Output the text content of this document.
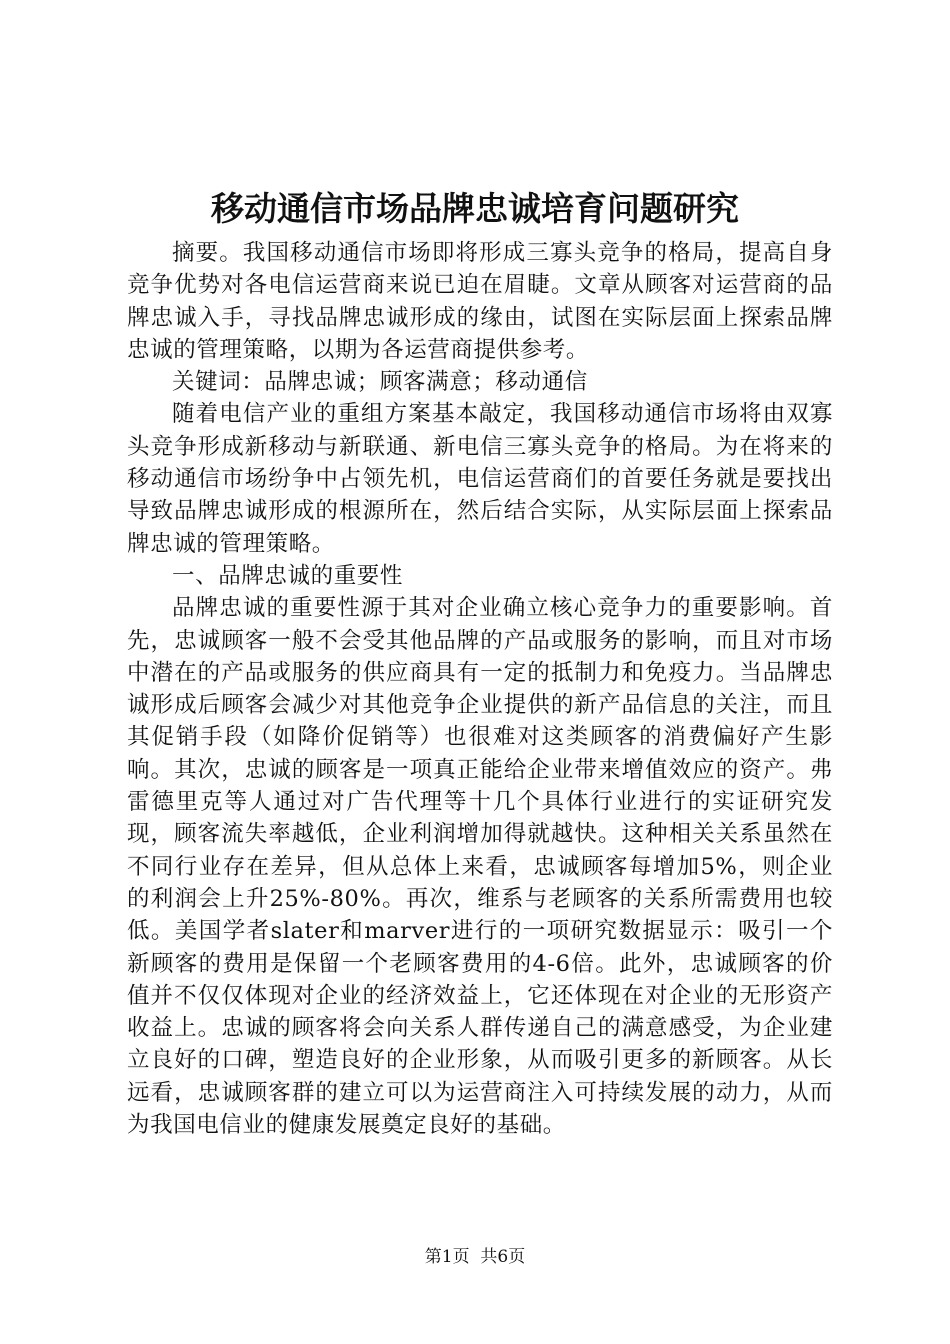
移动通信市场品牌忠诚培育问题研究

摘要。我国移动通信市场即将形成三寡头竞争的格局，提高自身竞争优势对各电信运营商来说已迫在眉睫。文章从顾客对运营商的品牌忠诚入手，寻找品牌忠诚形成的缘由，试图在实际层面上探索品牌忠诚的管理策略，以期为各运营商提供参考。

关键词：品牌忠诚；顾客满意；移动通信

随着电信产业的重组方案基本敲定，我国移动通信市场将由双寡头竞争形成新移动与新联通、新电信三寡头竞争的格局。为在将来的移动通信市场纷争中占领先机，电信运营商们的首要任务就是要找出导致品牌忠诚形成的根源所在，然后结合实际，从实际层面上探索品牌忠诚的管理策略。

一、品牌忠诚的重要性

品牌忠诚的重要性源于其对企业确立核心竞争力的重要影响。首先，忠诚顾客一般不会受其他品牌的产品或服务的影响，而且对市场中潜在的产品或服务的供应商具有一定的抵制力和免疫力。当品牌忠诚形成后顾客会减少对其他竞争企业提供的新产品信息的关注，而且其促销手段（如降价促销等）也很难对这类顾客的消费偏好产生影响。其次，忠诚的顾客是一项真正能给企业带来增值效应的资产。弗雷德里克等人通过对广告代理等十几个具体行业进行的实证研究发现，顾客流失率越低，企业利润增加得就越快。这种相关关系虽然在不同行业存在差异，但从总体上来看，忠诚顾客每增加5%，则企业的利润会上升25%-80%。再次，维系与老顾客的关系所需费用也较低。美国学者slater和marver进行的一项研究数据显示：吸引一个新顾客的费用是保留一个老顾客费用的4-6倍。此外，忠诚顾客的价值并不仅仅体现对企业的经济效益上，它还体现在对企业的无形资产收益上。忠诚的顾客将会向关系人群传递自己的满意感受，为企业建立良好的口碑，塑造良好的企业形象，从而吸引更多的新顾客。从长远看，忠诚顾客群的建立可以为运营商注入可持续发展的动力，从而为我国电信业的健康发展奠定良好的基础。

第1页  共6页
